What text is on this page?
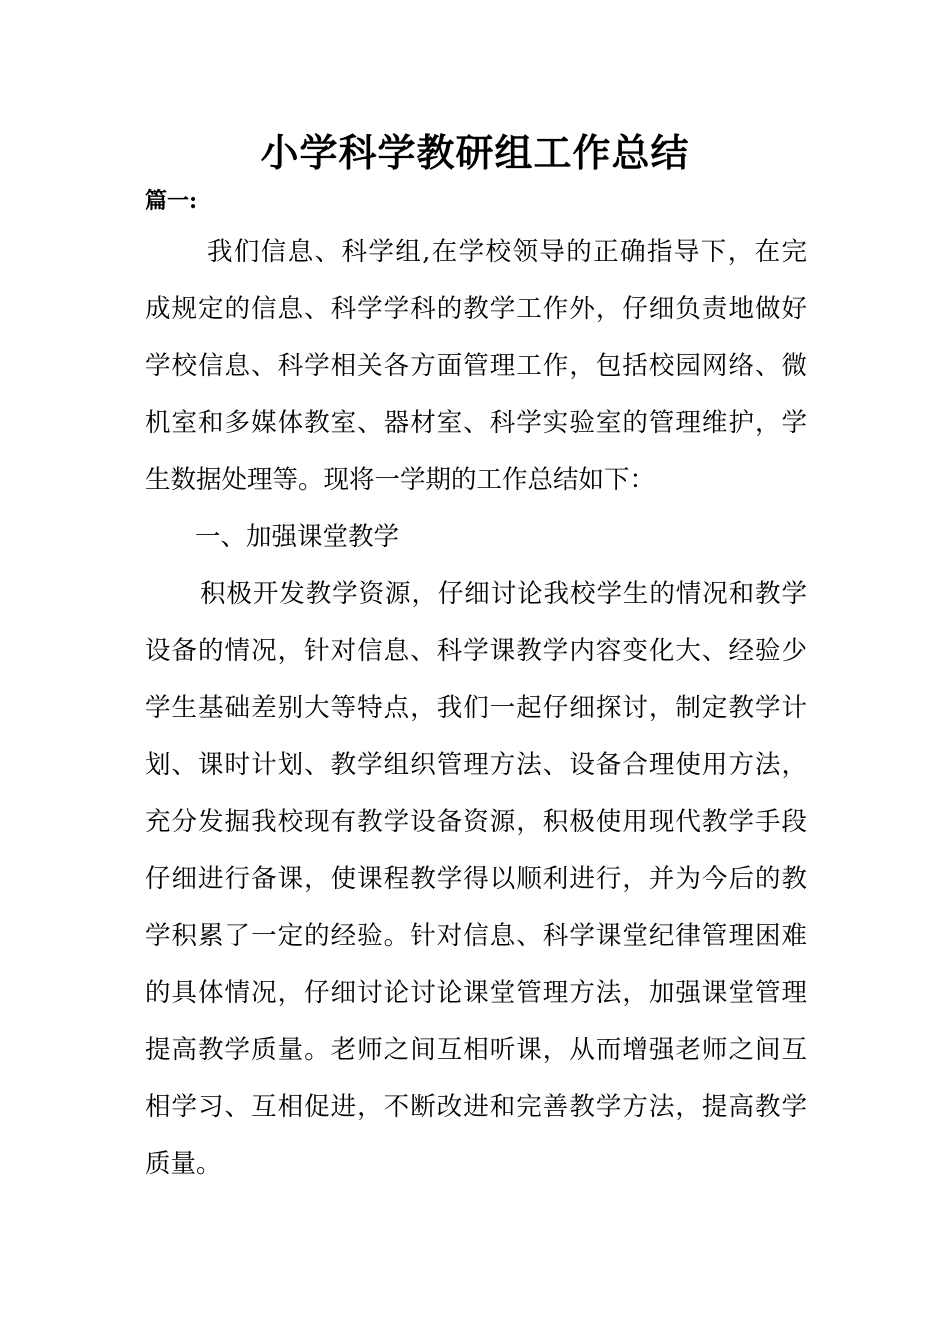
小学科学教研组工作总结
篇一:

我们信息、科学组,在学校领导的正确指导下，在完

成规定的信息、科学学科的教学工作外，仔细负责地做好

学校信息、科学相关各方面管理工作，包括校园网络、微

机室和多媒体教室、器材室、科学实验室的管理维护，学

生数据处理等。现将一学期的工作总结如下：

一、加强课堂教学

积极开发教学资源，仔细讨论我校学生的情况和教学

设备的情况，针对信息、科学课教学内容变化大、经验少

学生基础差别大等特点，我们一起仔细探讨，制定教学计

划、课时计划、教学组织管理方法、设备合理使用方法，

充分发掘我校现有教学设备资源，积极使用现代教学手段

仔细进行备课，使课程教学得以顺利进行，并为今后的教

学积累了一定的经验。针对信息、科学课堂纪律管理困难

的具体情况，仔细讨论讨论课堂管理方法，加强课堂管理

提高教学质量。老师之间互相听课，从而增强老师之间互

相学习、互相促进，不断改进和完善教学方法，提高教学

质量。
